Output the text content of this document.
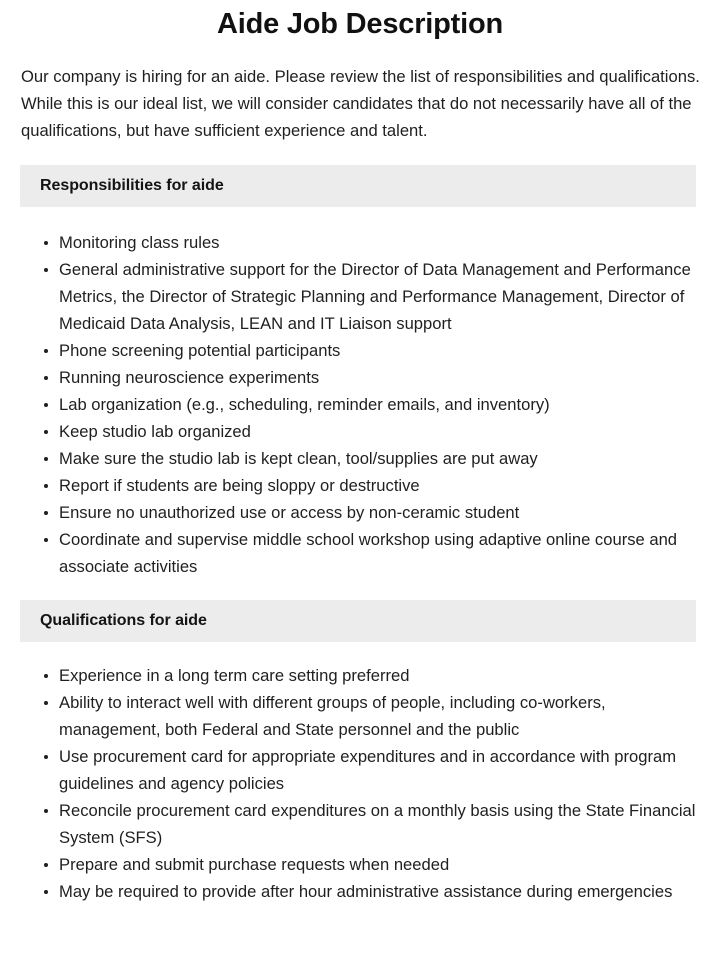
Aide Job Description

Our company is hiring for an aide. Please review the list of responsibilities and qualifications. While this is our ideal list, we will consider candidates that do not necessarily have all of the qualifications, but have sufficient experience and talent.

Responsibilities for aide
Monitoring class rules
General administrative support for the Director of Data Management and Performance Metrics, the Director of Strategic Planning and Performance Management, Director of Medicaid Data Analysis, LEAN and IT Liaison support
Phone screening potential participants
Running neuroscience experiments
Lab organization (e.g., scheduling, reminder emails, and inventory)
Keep studio lab organized
Make sure the studio lab is kept clean, tool/supplies are put away
Report if students are being sloppy or destructive
Ensure no unauthorized use or access by non-ceramic student
Coordinate and supervise middle school workshop using adaptive online course and associate activities
Qualifications for aide
Experience in a long term care setting preferred
Ability to interact well with different groups of people, including co-workers, management, both Federal and State personnel and the public
Use procurement card for appropriate expenditures and in accordance with program guidelines and agency policies
Reconcile procurement card expenditures on a monthly basis using the State Financial System (SFS)
Prepare and submit purchase requests when needed
May be required to provide after hour administrative assistance during emergencies
